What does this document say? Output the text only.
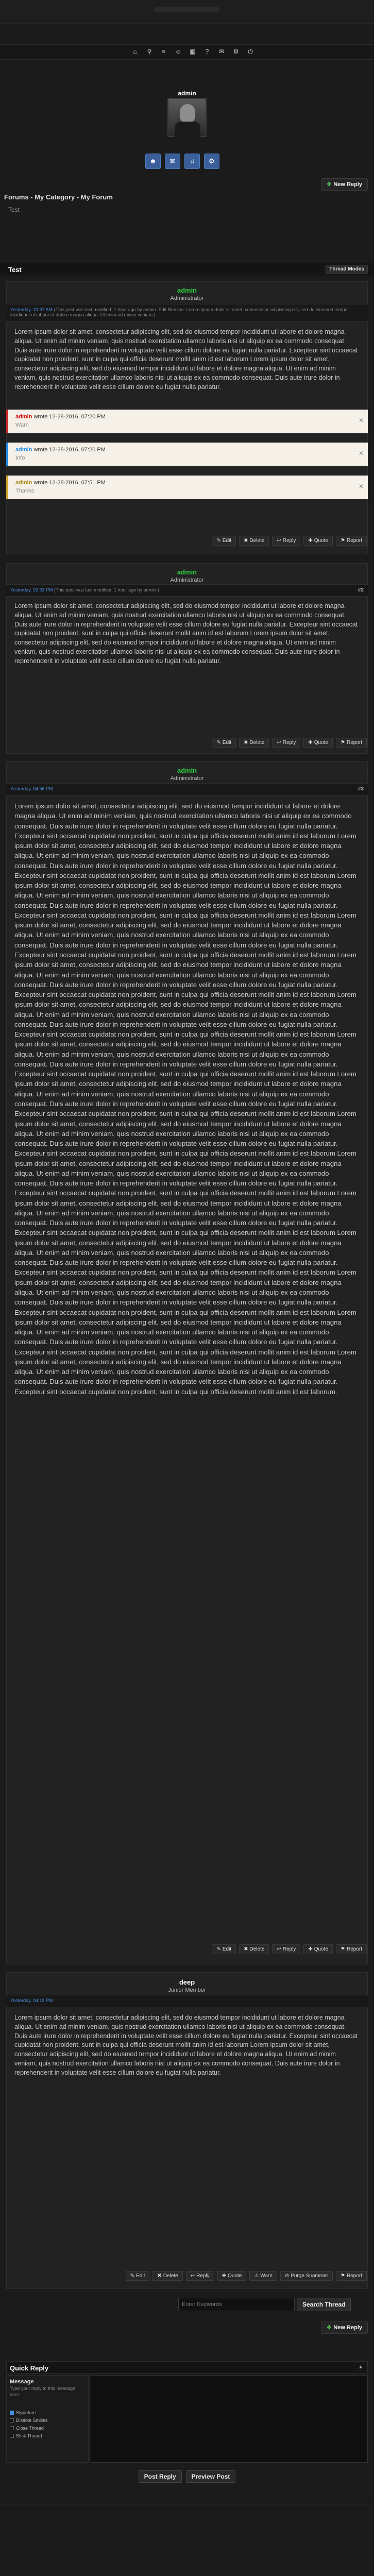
⌂ ⚲ ≡ ☺ ▦	?	✉ ⚙ ⏻
admin
☻	✉	♫	⚙
✚ New Reply
Forums - My Category - My Forum
Test
Test	Thread Modes
admin
Administrator
Yesterday, 10:37 AM (This post was last modified: 1 hour ago by admin. Edit Reason: Lorem ipsum dolor sit amet, consectetur adipiscing elit, sed do eiusmod tempor incididunt ut labore et dolore magna aliqua. Ut enim ad minim veniam.)
Lorem ipsum dolor sit amet, consectetur adipiscing elit, sed do eiusmod tempor incididunt ut labore et dolore magna aliqua. Ut enim ad minim veniam, quis nostrud exercitation ullamco laboris nisi ut aliquip ex ea commodo consequat. Duis aute irure dolor in reprehenderit in voluptate velit esse cillum dolore eu fugiat nulla pariatur. Excepteur sint occaecat cupidatat non proident, sunt in culpa qui officia deserunt mollit anim id est laborum Lorem ipsum dolor sit amet, consectetur adipiscing elit, sed do eiusmod tempor incididunt ut labore et dolore magna aliqua. Ut enim ad minim veniam, quis nostrud exercitation ullamco laboris nisi ut aliquip ex ea commodo consequat. Duis aute irure dolor in reprehenderit in voluptate velit esse cillum dolore eu fugiat nulla pariatur.
admin wrote 12-28-2016, 07:20 PM
Warn
✕
admin wrote 12-28-2016, 07:20 PM
Info
✕
admin wrote 12-28-2016, 07:51 PM
Thanks
✕
✎ Edit	✖ Delete	↩ Reply	✚ Quote	⚑ Report
admin
Administrator
Yesterday, 02:31 PM (This post was last modified: 1 hour ago by admin.)	#2
Lorem ipsum dolor sit amet, consectetur adipiscing elit, sed do eiusmod tempor incididunt ut labore et dolore magna aliqua. Ut enim ad minim veniam, quis nostrud exercitation ullamco laboris nisi ut aliquip ex ea commodo consequat. Duis aute irure dolor in reprehenderit in voluptate velit esse cillum dolore eu fugiat nulla pariatur. Excepteur sint occaecat cupidatat non proident, sunt in culpa qui officia deserunt mollit anim id est laborum Lorem ipsum dolor sit amet, consectetur adipiscing elit, sed do eiusmod tempor incididunt ut labore et dolore magna aliqua. Ut enim ad minim veniam, quis nostrud exercitation ullamco laboris nisi ut aliquip ex ea commodo consequat. Duis aute irure dolor in reprehenderit in voluptate velit esse cillum dolore eu fugiat nulla pariatur.
✎ Edit	✖ Delete	↩ Reply	✚ Quote	⚑ Report
admin
Administrator
Yesterday, 04:56 PM	#3
Lorem ipsum dolor sit amet, consectetur adipiscing elit, sed do eiusmod tempor incididunt ut labore et dolore magna aliqua. Ut enim ad minim veniam, quis nostrud exercitation ullamco laboris nisi ut aliquip ex ea commodo consequat. Duis aute irure dolor in reprehenderit in voluptate velit esse cillum dolore eu fugiat nulla pariatur. Excepteur sint occaecat cupidatat non proident, sunt in culpa qui officia deserunt mollit anim id est laborum Lorem ipsum dolor sit amet, consectetur adipiscing elit, sed do eiusmod tempor incididunt ut labore et dolore magna aliqua. Ut enim ad minim veniam, quis nostrud exercitation ullamco laboris nisi ut aliquip ex ea commodo consequat. Duis aute irure dolor in reprehenderit in voluptate velit esse cillum dolore eu fugiat nulla pariatur. Excepteur sint occaecat cupidatat non proident, sunt in culpa qui officia deserunt mollit anim id est laborum Lorem ipsum dolor sit amet, consectetur adipiscing elit, sed do eiusmod tempor incididunt ut labore et dolore magna aliqua. Ut enim ad minim veniam, quis nostrud exercitation ullamco laboris nisi ut aliquip ex ea commodo consequat. Duis aute irure dolor in reprehenderit in voluptate velit esse cillum dolore eu fugiat nulla pariatur. Excepteur sint occaecat cupidatat non proident, sunt in culpa qui officia deserunt mollit anim id est laborum Lorem ipsum dolor sit amet, consectetur adipiscing elit, sed do eiusmod tempor incididunt ut labore et dolore magna aliqua. Ut enim ad minim veniam, quis nostrud exercitation ullamco laboris nisi ut aliquip ex ea commodo consequat. Duis aute irure dolor in reprehenderit in voluptate velit esse cillum dolore eu fugiat nulla pariatur. Excepteur sint occaecat cupidatat non proident, sunt in culpa qui officia deserunt mollit anim id est laborum Lorem ipsum dolor sit amet, consectetur adipiscing elit, sed do eiusmod tempor incididunt ut labore et dolore magna aliqua. Ut enim ad minim veniam, quis nostrud exercitation ullamco laboris nisi ut aliquip ex ea commodo consequat. Duis aute irure dolor in reprehenderit in voluptate velit esse cillum dolore eu fugiat nulla pariatur. Excepteur sint occaecat cupidatat non proident, sunt in culpa qui officia deserunt mollit anim id est laborum Lorem ipsum dolor sit amet, consectetur adipiscing elit, sed do eiusmod tempor incididunt ut labore et dolore magna aliqua. Ut enim ad minim veniam, quis nostrud exercitation ullamco laboris nisi ut aliquip ex ea commodo consequat. Duis aute irure dolor in reprehenderit in voluptate velit esse cillum dolore eu fugiat nulla pariatur. Excepteur sint occaecat cupidatat non proident, sunt in culpa qui officia deserunt mollit anim id est laborum Lorem ipsum dolor sit amet, consectetur adipiscing elit, sed do eiusmod tempor incididunt ut labore et dolore magna aliqua. Ut enim ad minim veniam, quis nostrud exercitation ullamco laboris nisi ut aliquip ex ea commodo consequat. Duis aute irure dolor in reprehenderit in voluptate velit esse cillum dolore eu fugiat nulla pariatur. Excepteur sint occaecat cupidatat non proident, sunt in culpa qui officia deserunt mollit anim id est laborum Lorem ipsum dolor sit amet, consectetur adipiscing elit, sed do eiusmod tempor incididunt ut labore et dolore magna aliqua. Ut enim ad minim veniam, quis nostrud exercitation ullamco laboris nisi ut aliquip ex ea commodo consequat. Duis aute irure dolor in reprehenderit in voluptate velit esse cillum dolore eu fugiat nulla pariatur. Excepteur sint occaecat cupidatat non proident, sunt in culpa qui officia deserunt mollit anim id est laborum Lorem ipsum dolor sit amet, consectetur adipiscing elit, sed do eiusmod tempor incididunt ut labore et dolore magna aliqua. Ut enim ad minim veniam, quis nostrud exercitation ullamco laboris nisi ut aliquip ex ea commodo consequat. Duis aute irure dolor in reprehenderit in voluptate velit esse cillum dolore eu fugiat nulla pariatur. Excepteur sint occaecat cupidatat non proident, sunt in culpa qui officia deserunt mollit anim id est laborum Lorem ipsum dolor sit amet, consectetur adipiscing elit, sed do eiusmod tempor incididunt ut labore et dolore magna aliqua. Ut enim ad minim veniam, quis nostrud exercitation ullamco laboris nisi ut aliquip ex ea commodo consequat. Duis aute irure dolor in reprehenderit in voluptate velit esse cillum dolore eu fugiat nulla pariatur. Excepteur sint occaecat cupidatat non proident, sunt in culpa qui officia deserunt mollit anim id est laborum Lorem ipsum dolor sit amet, consectetur adipiscing elit, sed do eiusmod tempor incididunt ut labore et dolore magna aliqua. Ut enim ad minim veniam, quis nostrud exercitation ullamco laboris nisi ut aliquip ex ea commodo consequat. Duis aute irure dolor in reprehenderit in voluptate velit esse cillum dolore eu fugiat nulla pariatur. Excepteur sint occaecat cupidatat non proident, sunt in culpa qui officia deserunt mollit anim id est laborum Lorem ipsum dolor sit amet, consectetur adipiscing elit, sed do eiusmod tempor incididunt ut labore et dolore magna aliqua. Ut enim ad minim veniam, quis nostrud exercitation ullamco laboris nisi ut aliquip ex ea commodo consequat. Duis aute irure dolor in reprehenderit in voluptate velit esse cillum dolore eu fugiat nulla pariatur. Excepteur sint occaecat cupidatat non proident, sunt in culpa qui officia deserunt mollit anim id est laborum Lorem ipsum dolor sit amet, consectetur adipiscing elit, sed do eiusmod tempor incididunt ut labore et dolore magna aliqua. Ut enim ad minim veniam, quis nostrud exercitation ullamco laboris nisi ut aliquip ex ea commodo consequat. Duis aute irure dolor in reprehenderit in voluptate velit esse cillum dolore eu fugiat nulla pariatur. Excepteur sint occaecat cupidatat non proident, sunt in culpa qui officia deserunt mollit anim id est laborum Lorem ipsum dolor sit amet, consectetur adipiscing elit, sed do eiusmod tempor incididunt ut labore et dolore magna aliqua. Ut enim ad minim veniam, quis nostrud exercitation ullamco laboris nisi ut aliquip ex ea commodo consequat. Duis aute irure dolor in reprehenderit in voluptate velit esse cillum dolore eu fugiat nulla pariatur. Excepteur sint occaecat cupidatat non proident, sunt in culpa qui officia deserunt mollit anim id est laborum Lorem ipsum dolor sit amet, consectetur adipiscing elit, sed do eiusmod tempor incididunt ut labore et dolore magna aliqua. Ut enim ad minim veniam, quis nostrud exercitation ullamco laboris nisi ut aliquip ex ea commodo consequat. Duis aute irure dolor in reprehenderit in voluptate velit esse cillum dolore eu fugiat nulla pariatur. Excepteur sint occaecat cupidatat non proident, sunt in culpa qui officia deserunt mollit anim id est laborum.
✎ Edit	✖ Delete	↩ Reply	✚ Quote	⚑ Report
deep
Junior Member
Yesterday, 04:19 PM
Lorem ipsum dolor sit amet, consectetur adipiscing elit, sed do eiusmod tempor incididunt ut labore et dolore magna aliqua. Ut enim ad minim veniam, quis nostrud exercitation ullamco laboris nisi ut aliquip ex ea commodo consequat. Duis aute irure dolor in reprehenderit in voluptate velit esse cillum dolore eu fugiat nulla pariatur. Excepteur sint occaecat cupidatat non proident, sunt in culpa qui officia deserunt mollit anim id est laborum Lorem ipsum dolor sit amet, consectetur adipiscing elit, sed do eiusmod tempor incididunt ut labore et dolore magna aliqua. Ut enim ad minim veniam, quis nostrud exercitation ullamco laboris nisi ut aliquip ex ea commodo consequat. Duis aute irure dolor in reprehenderit in voluptate velit esse cillum dolore eu fugiat nulla pariatur.
✎ Edit	✖ Delete	↩ Reply	✚ Quote	⚠ Warn	⊘ Purge Spammer	⚑ Report
Enter Keywords
Search Thread
✚ New Reply
Quick Reply	▲
Message
Type your reply to this message here.
Signature
Disable Smilies
Close Thread
Stick Thread
Post Reply	Preview Post
